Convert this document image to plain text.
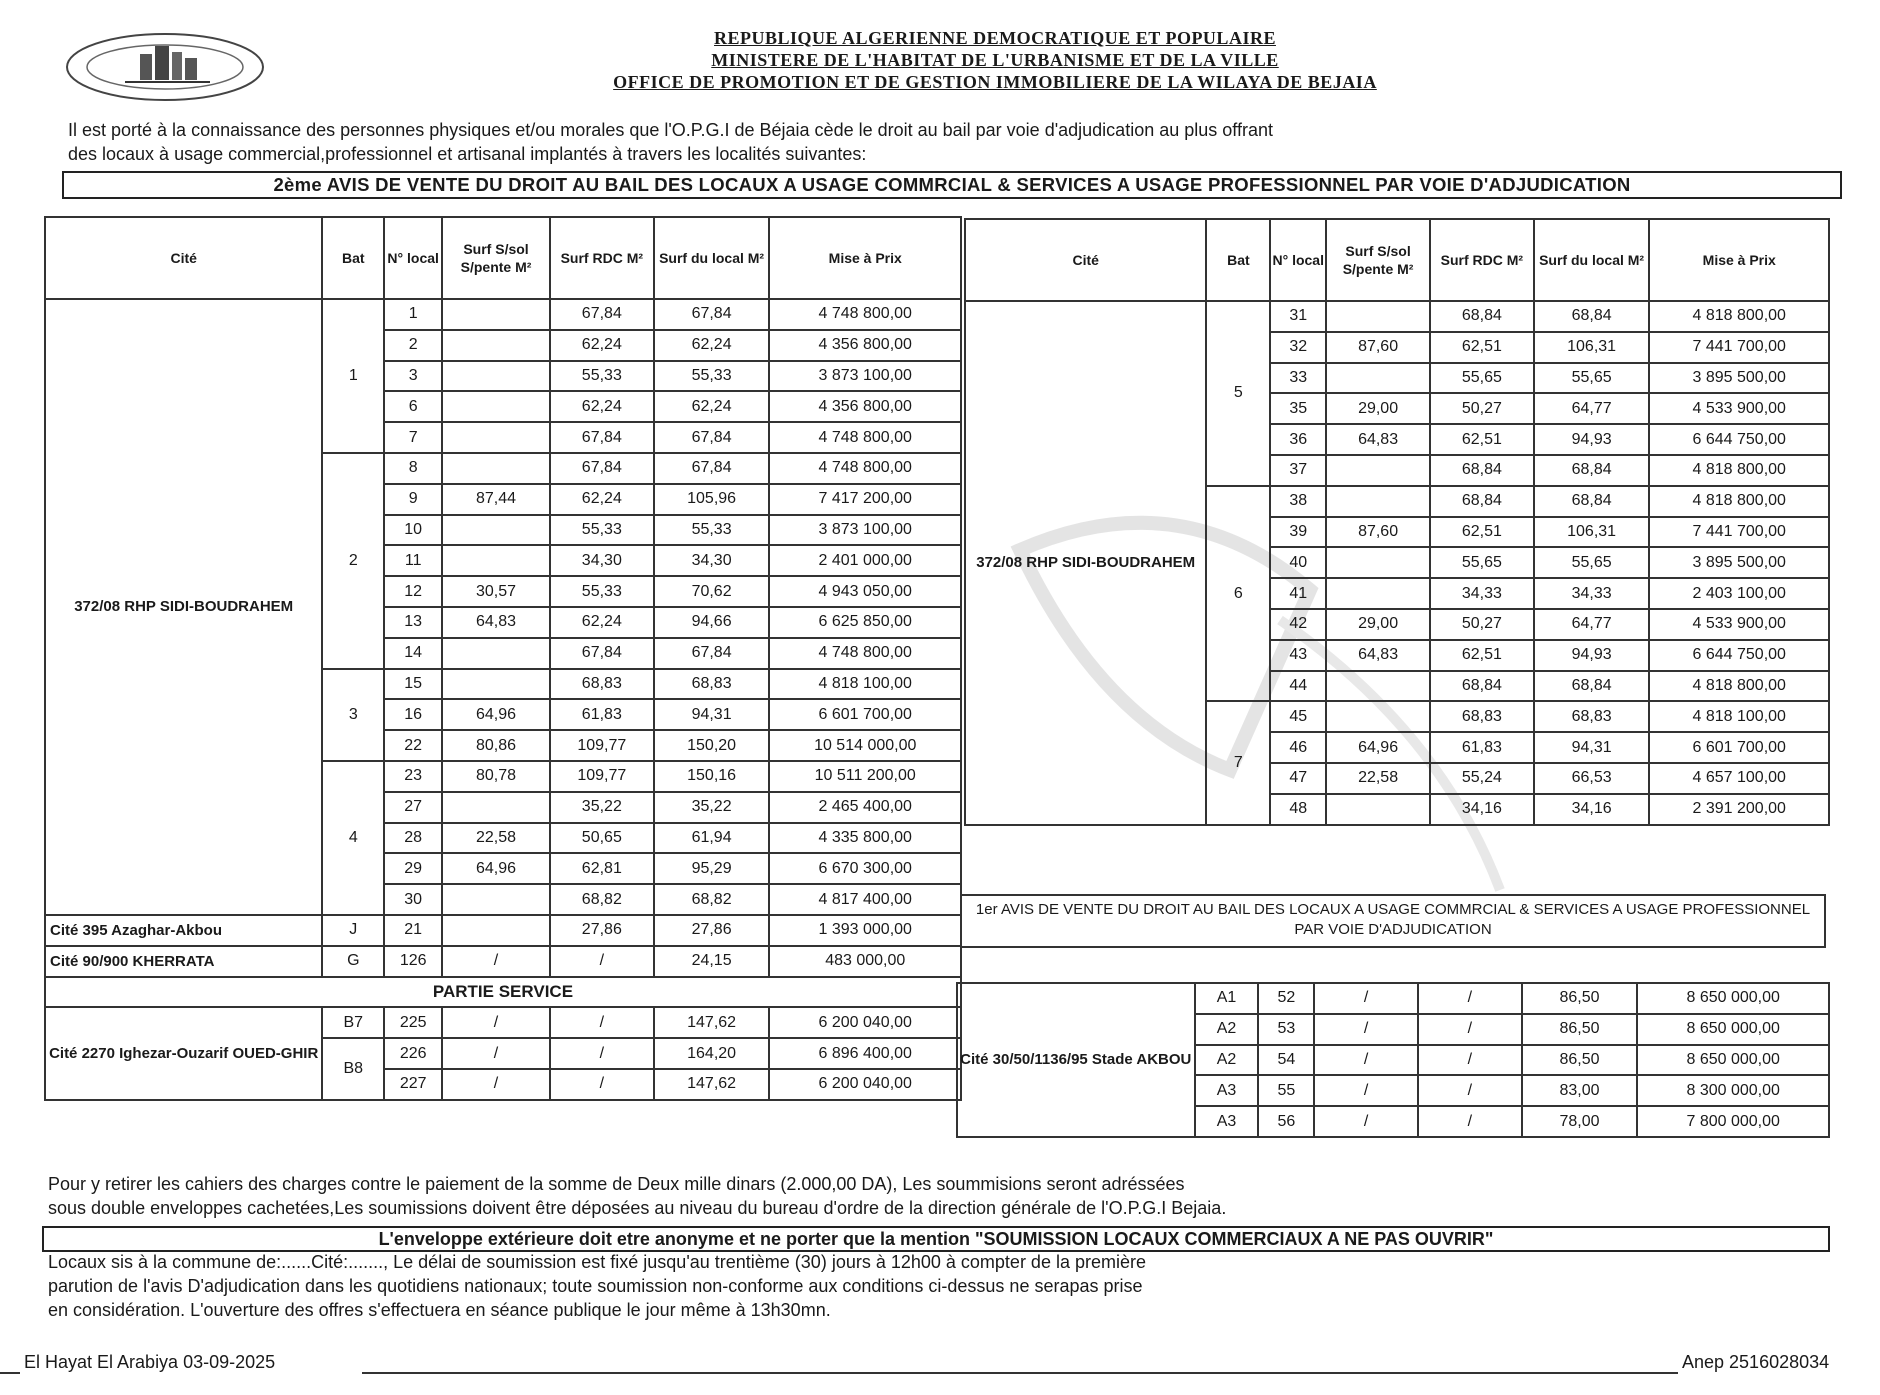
REPUBLIQUE ALGERIENNE DEMOCRATIQUE ET POPULAIRE
MINISTERE DE L'HABITAT DE L'URBANISME ET DE LA VILLE
OFFICE DE PROMOTION ET DE GESTION IMMOBILIERE DE LA WILAYA DE BEJAIA
Il est porté à la connaissance des personnes physiques et/ou morales que l'O.P.G.I de Béjaia cède le droit au bail par voie d'adjudication au plus offrant
des locaux à usage commercial,professionnel et artisanal implantés à travers les localités suivantes:
2ème AVIS DE VENTE DU DROIT AU BAIL DES LOCAUX A USAGE COMMRCIAL & SERVICES A USAGE PROFESSIONNEL PAR VOIE D'ADJUDICATION
Cité	Bat	N° local	Surf S/sol S/pente M²	Surf RDC M²	Surf du local M²	Mise à Prix
372/08 RHP SIDI-BOUDRAHEM	1	1		67,84	67,84	4 748 800,00
		2		62,24	62,24	4 356 800,00
		3		55,33	55,33	3 873 100,00
		6		62,24	62,24	4 356 800,00
		7		67,84	67,84	4 748 800,00
	2	8		67,84	67,84	4 748 800,00
		9	87,44	62,24	105,96	7 417 200,00
		10		55,33	55,33	3 873 100,00
		11		34,30	34,30	2 401 000,00
		12	30,57	55,33	70,62	4 943 050,00
		13	64,83	62,24	94,66	6 625 850,00
		14		67,84	67,84	4 748 800,00
	3	15		68,83	68,83	4 818 100,00
		16	64,96	61,83	94,31	6 601 700,00
		22	80,86	109,77	150,20	10 514 000,00
	4	23	80,78	109,77	150,16	10 511 200,00
		27		35,22	35,22	2 465 400,00
		28	22,58	50,65	61,94	4 335 800,00
		29	64,96	62,81	95,29	6 670 300,00
		30		68,82	68,82	4 817 400,00
Cité 395 Azaghar-Akbou	J	21		27,86	27,86	1 393 000,00
Cité 90/900 KHERRATA	G	126	/	/	24,15	483 000,00
PARTIE SERVICE						
Cité 2270 Ighezar-Ouzarif OUED-GHIR	B7	225	/	/	147,62	6 200 040,00
	B8	226	/	/	164,20	6 896 400,00
		227	/	/	147,62	6 200 040,00
Cité	Bat	N° local	Surf S/sol S/pente M²	Surf RDC M²	Surf du local M²	Mise à Prix
372/08 RHP SIDI-BOUDRAHEM	5	31		68,84	68,84	4 818 800,00
		32	87,60	62,51	106,31	7 441 700,00
		33		55,65	55,65	3 895 500,00
		35	29,00	50,27	64,77	4 533 900,00
		36	64,83	62,51	94,93	6 644 750,00
		37		68,84	68,84	4 818 800,00
	6	38		68,84	68,84	4 818 800,00
		39	87,60	62,51	106,31	7 441 700,00
		40		55,65	55,65	3 895 500,00
		41		34,33	34,33	2 403 100,00
		42	29,00	50,27	64,77	4 533 900,00
		43	64,83	62,51	94,93	6 644 750,00
		44		68,84	68,84	4 818 800,00
	7	45		68,83	68,83	4 818 100,00
		46	64,96	61,83	94,31	6 601 700,00
		47	22,58	55,24	66,53	4 657 100,00
		48		34,16	34,16	2 391 200,00
1er AVIS DE VENTE DU DROIT AU BAIL DES LOCAUX A USAGE COMMRCIAL & SERVICES A USAGE PROFESSIONNEL PAR VOIE D'ADJUDICATION
Cité 30/50/1136/95 Stade AKBOU	A1	52	/	/	86,50	8 650 000,00
	A2	53	/	/	86,50	8 650 000,00
	A2	54	/	/	86,50	8 650 000,00
	A3	55	/	/	83,00	8 300 000,00
	A3	56	/	/	78,00	7 800 000,00
Pour y retirer les cahiers des charges contre le paiement de la somme de Deux mille dinars (2.000,00 DA), Les soummisions seront adréssées
sous double enveloppes cachetées,Les soumissions doivent être déposées au niveau du bureau d'ordre de la direction générale de l'O.P.G.I Bejaia.
L'enveloppe extérieure doit etre anonyme et ne porter que la mention "SOUMISSION LOCAUX COMMERCIAUX A NE PAS OUVRIR"
Locaux sis à la commune de:......Cité:......., Le délai de soumission est fixé jusqu'au trentième (30) jours à 12h00 à compter de la première
parution de l'avis D'adjudication dans les quotidiens nationaux; toute soumission non-conforme aux conditions ci-dessus ne serapas prise
en considération. L'ouverture des offres s'effectuera en séance publique le jour même à 13h30mn.
El Hayat El Arabiya 03-09-2025	Anep 2516028034
